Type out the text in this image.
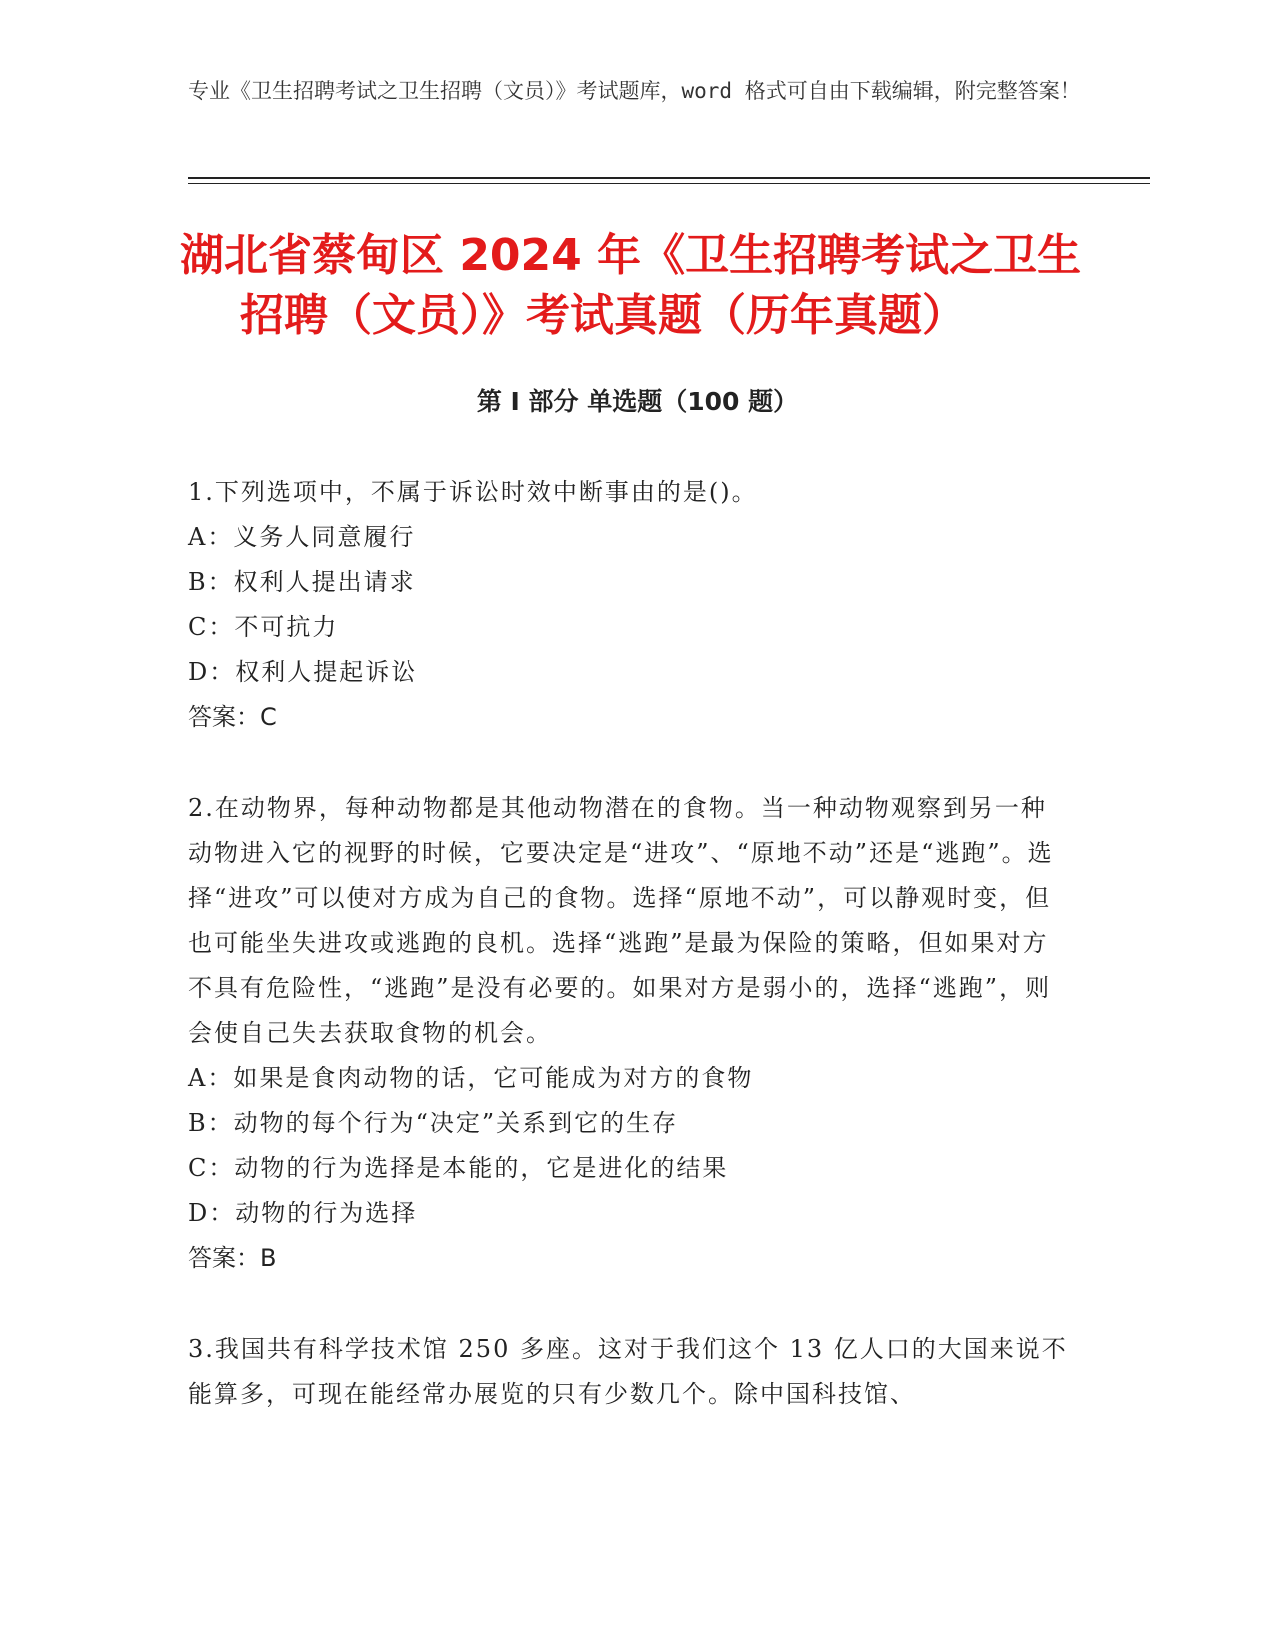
专业《卫生招聘考试之卫生招聘（文员）》考试题库，word 格式可自由下载编辑，附完整答案！
湖北省蔡甸区 2024 年《卫生招聘考试之卫生
招聘（文员）》考试真题（历年真题）
第 I 部分 单选题（100 题）

1.下列选项中，不属于诉讼时效中断事由的是()。

A：义务人同意履行

B：权利人提出请求

C：不可抗力

D：权利人提起诉讼

答案：C

2.在动物界，每种动物都是其他动物潜在的食物。当一种动物观察到另一种动物进入它的视野的时候，它要决定是“进攻”、“原地不动”还是“逃跑”。选择“进攻”可以使对方成为自己的食物。选择“原地不动”，可以静观时变，但也可能坐失进攻或逃跑的良机。选择“逃跑”是最为保险的策略，但如果对方不具有危险性，“逃跑”是没有必要的。如果对方是弱小的，选择“逃跑”，则会使自己失去获取食物的机会。

A：如果是食肉动物的话，它可能成为对方的食物

B：动物的每个行为“决定”关系到它的生存

C：动物的行为选择是本能的，它是进化的结果

D：动物的行为选择

答案：B

3.我国共有科学技术馆 250 多座。这对于我们这个 13 亿人口的大国来说不能算多，可现在能经常办展览的只有少数几个。除中国科技馆、
